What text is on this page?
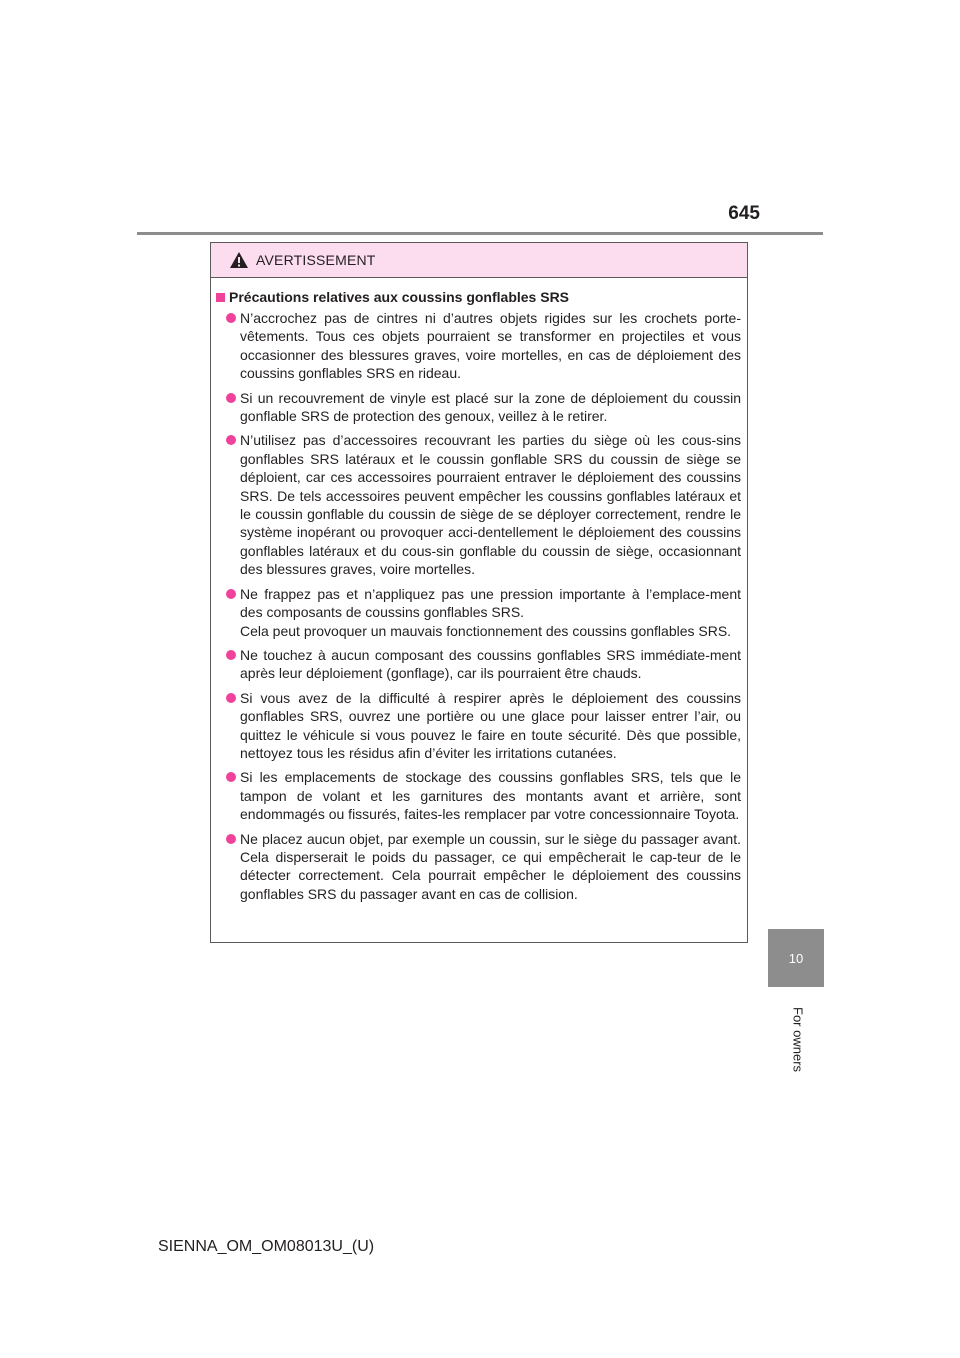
645
10
For owners
AVERTISSEMENT
Précautions relatives aux coussins gonflables SRS
N’accrochez pas de cintres ni d’autres objets rigides sur les crochets porte-vêtements. Tous ces objets pourraient se transformer en projectiles et vous occasionner des blessures graves, voire mortelles, en cas de déploiement des coussins gonflables SRS en rideau.
Si un recouvrement de vinyle est placé sur la zone de déploiement du coussin gonflable SRS de protection des genoux, veillez à le retirer.
N’utilisez pas d’accessoires recouvrant les parties du siège où les cous-sins gonflables SRS latéraux et le coussin gonflable SRS du coussin de siège se déploient, car ces accessoires pourraient entraver le déploiement des coussins SRS. De tels accessoires peuvent empêcher les coussins gonflables latéraux et le coussin gonflable du coussin de siège de se déployer correctement, rendre le système inopérant ou provoquer acci-dentellement le déploiement des coussins gonflables latéraux et du cous-sin gonflable du coussin de siège, occasionnant des blessures graves, voire mortelles.
Ne frappez pas et n’appliquez pas une pression importante à l’emplace-ment des composants de coussins gonflables SRS.
Cela peut provoquer un mauvais fonctionnement des coussins gonflables SRS.
Ne touchez à aucun composant des coussins gonflables SRS immédiate-ment après leur déploiement (gonflage), car ils pourraient être chauds.
Si vous avez de la difficulté à respirer après le déploiement des coussins gonflables SRS, ouvrez une portière ou une glace pour laisser entrer l’air, ou quittez le véhicule si vous pouvez le faire en toute sécurité. Dès que possible, nettoyez tous les résidus afin d’éviter les irritations cutanées.
Si les emplacements de stockage des coussins gonflables SRS, tels que le tampon de volant et les garnitures des montants avant et arrière, sont endommagés ou fissurés, faites-les remplacer par votre concessionnaire Toyota.
Ne placez aucun objet, par exemple un coussin, sur le siège du passager avant. Cela disperserait le poids du passager, ce qui empêcherait le cap-teur de le détecter correctement. Cela pourrait empêcher le déploiement des coussins gonflables SRS du passager avant en cas de collision.
SIENNA_OM_OM08013U_(U)
